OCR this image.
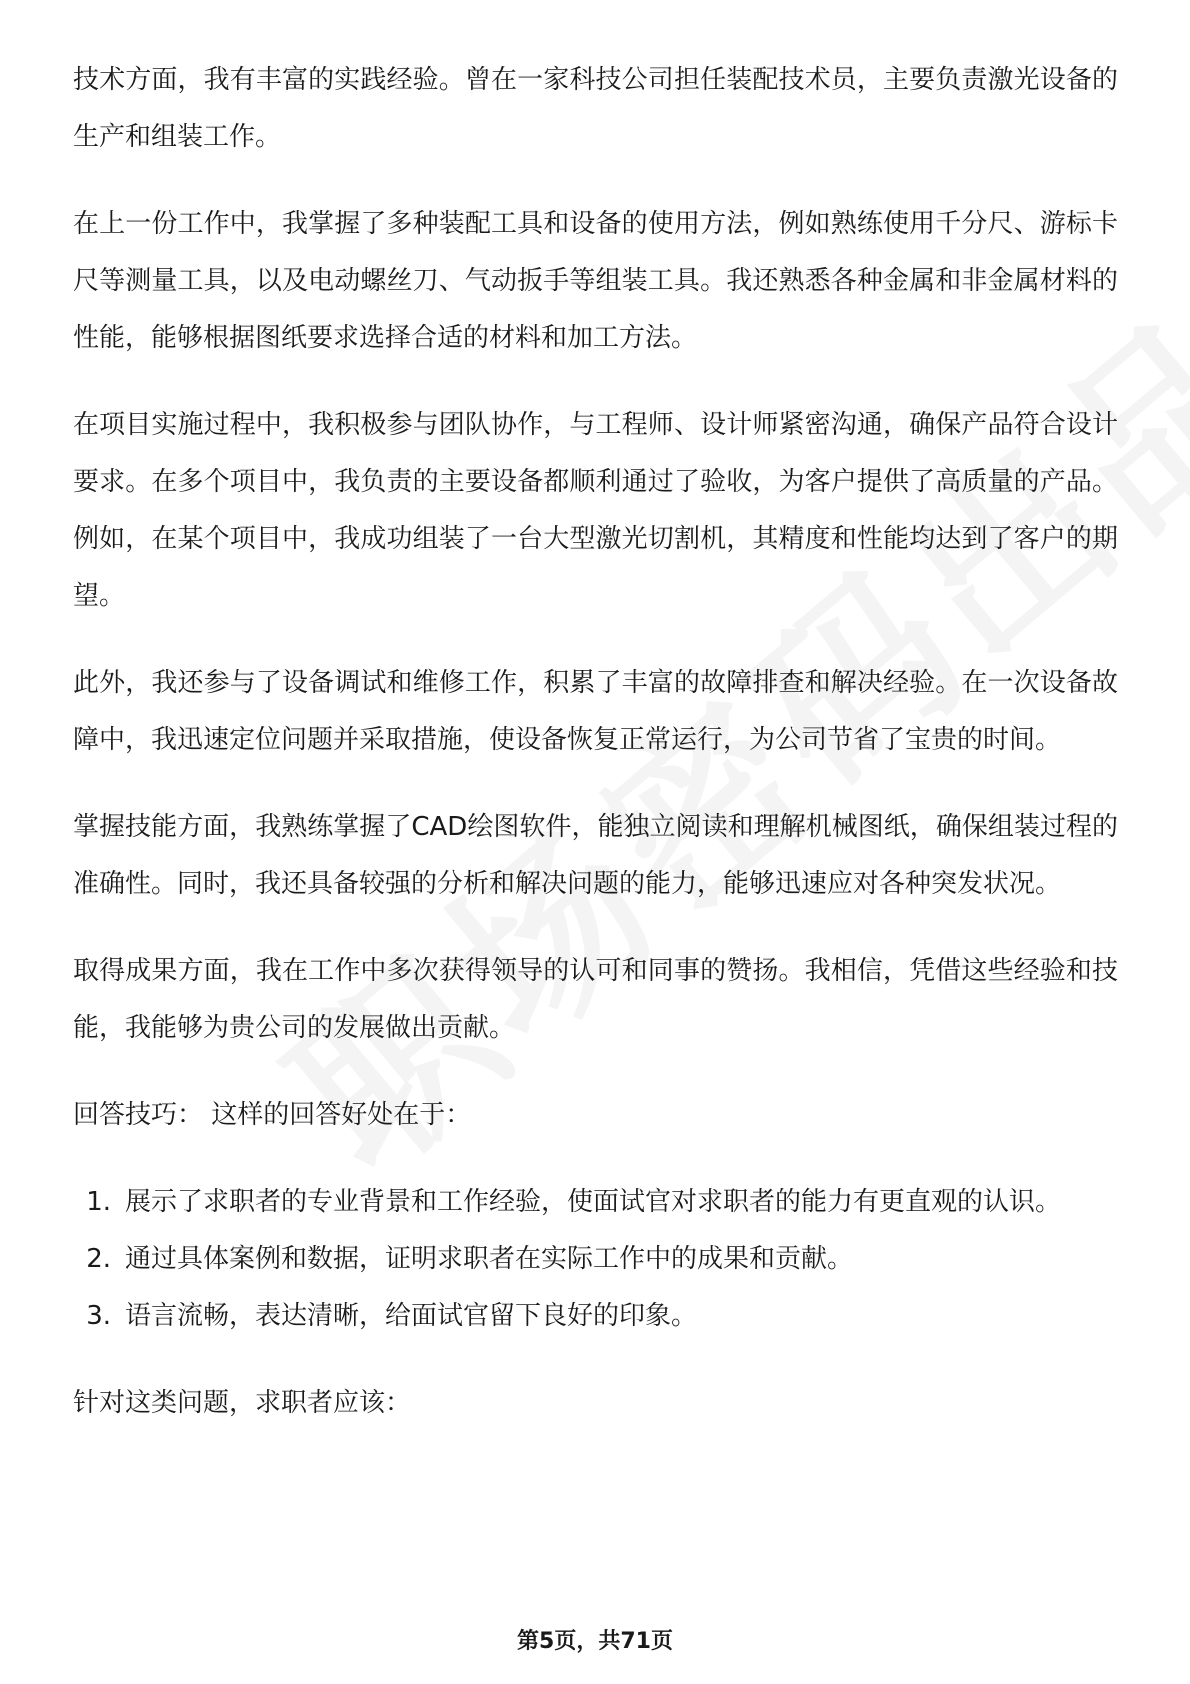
技术方面，我有丰富的实践经验。曾在一家科技公司担任装配技术员，主要负责激光设备的生产和组装工作。

在上一份工作中，我掌握了多种装配工具和设备的使用方法，例如熟练使用千分尺、游标卡尺等测量工具，以及电动螺丝刀、气动扳手等组装工具。我还熟悉各种金属和非金属材料的性能，能够根据图纸要求选择合适的材料和加工方法。

在项目实施过程中，我积极参与团队协作，与工程师、设计师紧密沟通，确保产品符合设计要求。在多个项目中，我负责的主要设备都顺利通过了验收，为客户提供了高质量的产品。例如，在某个项目中，我成功组装了一台大型激光切割机，其精度和性能均达到了客户的期望。

此外，我还参与了设备调试和维修工作，积累了丰富的故障排查和解决经验。在一次设备故障中，我迅速定位问题并采取措施，使设备恢复正常运行，为公司节省了宝贵的时间。

掌握技能方面，我熟练掌握了CAD绘图软件，能独立阅读和理解机械图纸，确保组装过程的准确性。同时，我还具备较强的分析和解决问题的能力，能够迅速应对各种突发状况。

取得成果方面，我在工作中多次获得领导的认可和同事的赞扬。我相信，凭借这些经验和技能，我能够为贵公司的发展做出贡献。

回答技巧： 这样的回答好处在于：

1. 展示了求职者的专业背景和工作经验，使面试官对求职者的能力有更直观的认识。
2. 通过具体案例和数据，证明求职者在实际工作中的成果和贡献。
3. 语言流畅，表达清晰，给面试官留下良好的印象。

针对这类问题，求职者应该：

第5页，共71页
